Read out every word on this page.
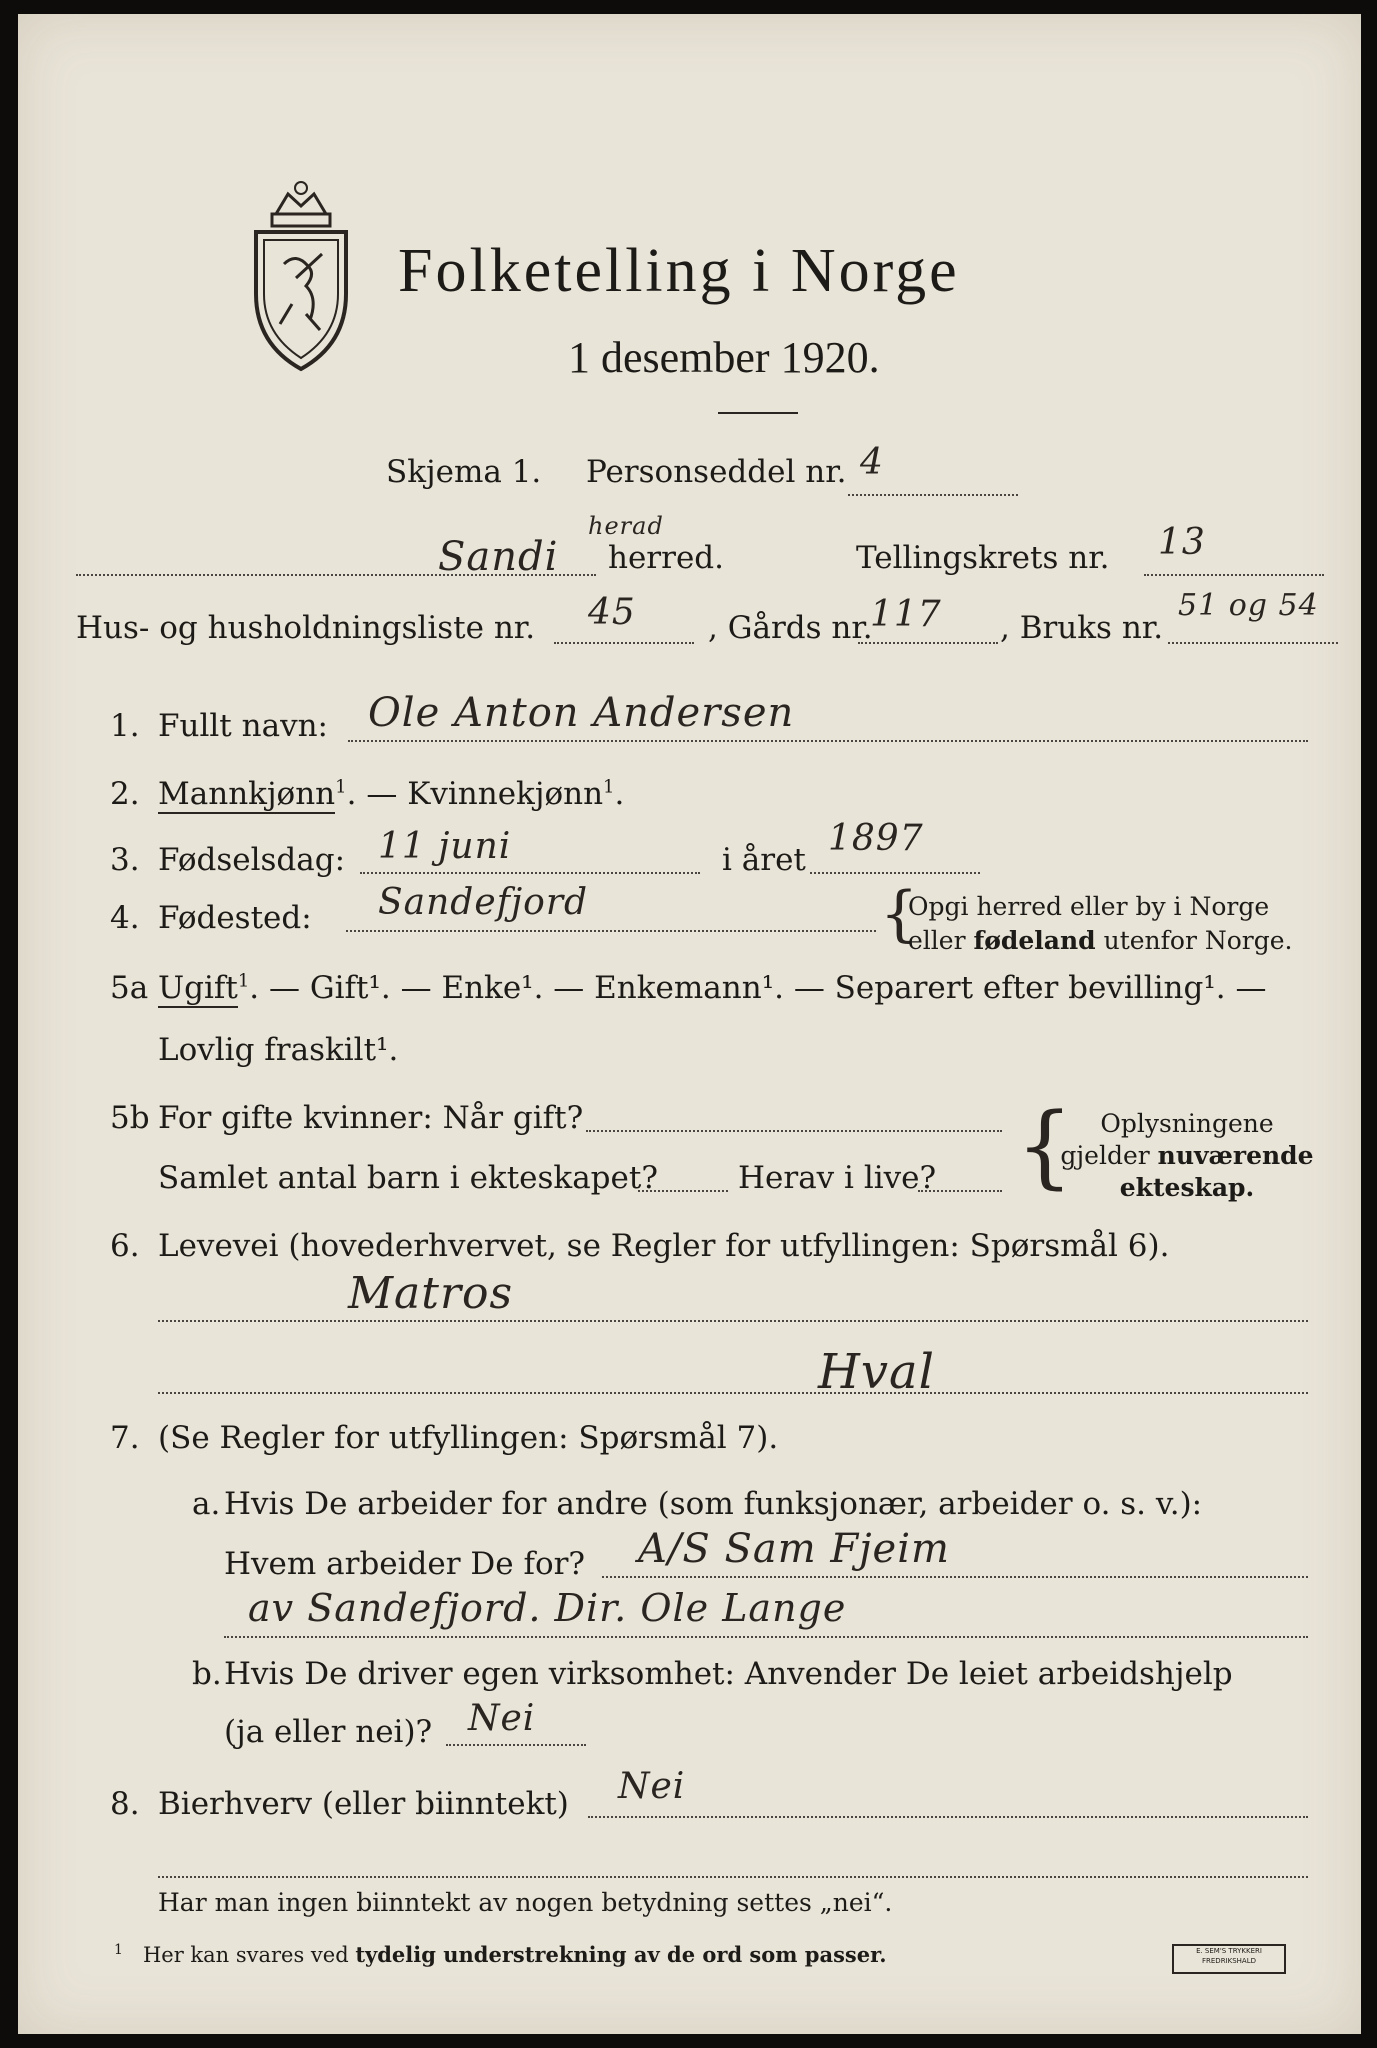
Folketelling i Norge
1 desember 1920.
Skjema 1. Personseddel nr. 4
Sandi
herad
herred.	Tellingskrets nr. 13
Hus- og husholdningsliste nr. 45 , Gårds nr.
117 , Bruks nr.
51 og 54
1. Fullt navn: Ole Anton Andersen
2. Mannkjønn$^1$. — Kvinnekjønn$^1$.
3. Fødselsdag: 11 juni	i året
1897
4. Fødested: Sandefjord	{
Opgi herred eller by i Norge
eller fødeland utenfor Norge.
5a Ugift$^1$. — Gift¹. — Enke¹. — Enkemann¹. — Separert efter bevilling¹. —
Lovlig fraskilt¹.
5b For gifte kvinner: Når gift?
Samlet antal barn i ekteskapet?	Herav i live? {	Oplysningene
gjelder nuværende
ekteskap.
6. Levevei (hovederhvervet, se Regler for utfyllingen: Spørsmål 6).
Matros
Hval
7. (Se Regler for utfyllingen: Spørsmål 7).
a. Hvis De arbeider for andre (som funksjonær, arbeider o. s. v.):
Hvem arbeider De for? A/S Sam Fjeim
av Sandefjord. Dir. Ole Lange
b. Hvis De driver egen virksomhet: Anvender De leiet arbeidshjelp
(ja eller nei)? Nei
8. Bierhverv (eller biinntekt) Nei
Har man ingen biinntekt av nogen betydning settes „nei“.
$^1$ Her kan svares ved tydelig understrekning av de ord som passer.	E. SEM'S TRYKKERI
FREDRIKSHALD
